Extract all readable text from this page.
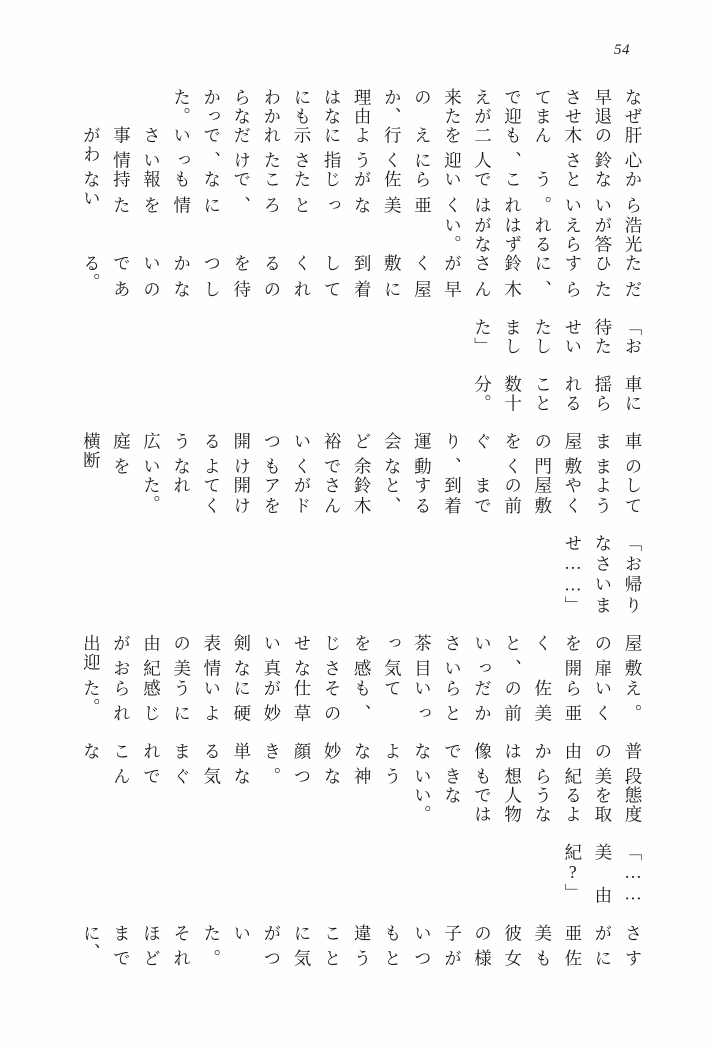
54
なぜ早退させてまで迎えが来たのか、理由はなにもわからなかった。
肝心の鈴木さんも、二人を迎えに行くように指示されただけで、いっさい事情がわ
からないという。これではいくら亜佐美がなじったところで、なにも情報を持たない
浩光が答えられるはずがない。
ただひたすらに、鈴木さんが早く屋敷に到着してくれるのを待つしかないのである。
「お待たせいたしました」
車に揺られること数十分。
車のまま屋敷の門をくぐり、運動会など余裕でいくつも開けるような広い庭を横断
してようやく屋敷の前まで到着すると、鈴木さんがドアを開けてくれた。
「お帰りなさいませ……」
屋敷の扉を開くと、いっさい茶目っ気を感じさせない真剣な表情の美由紀がお出迎
え。いくら亜佐美の前だからといっても、その仕草が妙に硬いように感じられた。
普段の美由紀からは想像もできないような神妙な顔つき。単なる気まぐれでこんな
態度を取るような人物ではない。
「……美由紀?」
さすがに亜佐美も彼女の様子がいつもと違うことに気がついた。それほどまでに、
